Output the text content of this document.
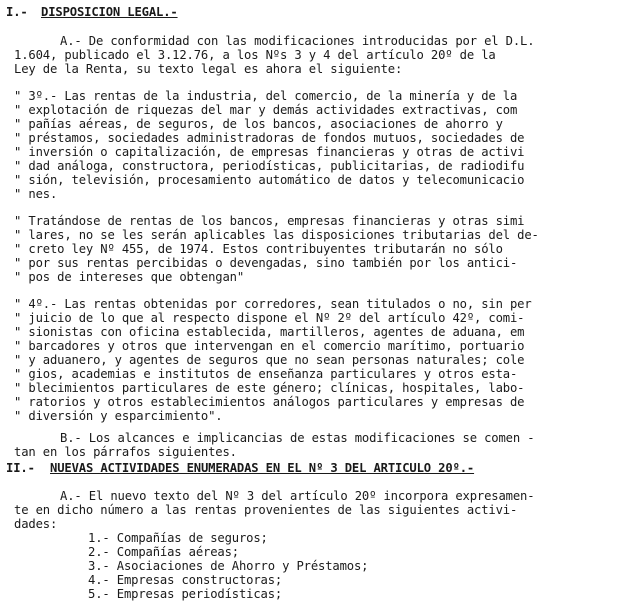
I.- DISPOSICION LEGAL.-
A.- De conformidad con las modificaciones introducidas por el D.L.
1.604, publicado el 3.12.76, a los Nºs 3 y 4 del artículo 20º de la
Ley de la Renta, su texto legal es ahora el siguiente:
" 3º.- Las rentas de la industria, del comercio, de la minería y de la
" explotación de riquezas del mar y demás actividades extractivas, com
" pañías aéreas, de seguros, de los bancos, asociaciones de ahorro y
" préstamos, sociedades administradoras de fondos mutuos, sociedades de
" inversión o capitalización, de empresas financieras y otras de activi
" dad análoga, constructora, periodísticas, publicitarias, de radiodifu
" sión, televisión, procesamiento automático de datos y telecomunicacio
" nes.
" Tratándose de rentas de los bancos, empresas financieras y otras simi
" lares, no se les serán aplicables las disposiciones tributarias del de-
" creto ley Nº 455, de 1974. Estos contribuyentes tributarán no sólo
" por sus rentas percibidas o devengadas, sino también por los antici-
" pos de intereses que obtengan"
" 4º.- Las rentas obtenidas por corredores, sean titulados o no, sin per
" juicio de lo que al respecto dispone el Nº 2º del artículo 42º, comi-
" sionistas con oficina establecida, martilleros, agentes de aduana, em
" barcadores y otros que intervengan en el comercio marítimo, portuario
" y aduanero, y agentes de seguros que no sean personas naturales; cole
" gios, academias e institutos de enseñanza particulares y otros esta-
" blecimientos particulares de este género; clínicas, hospitales, labo-
" ratorios y otros establecimientos análogos particulares y empresas de
" diversión y esparcimiento".
B.- Los alcances e implicancias de estas modificaciones se comen -
tan en los párrafos siguientes.
II.- NUEVAS ACTIVIDADES ENUMERADAS EN EL Nº 3 DEL ARTICULO 20º.-
A.- El nuevo texto del Nº 3 del artículo 20º incorpora expresamen-
te en dicho número a las rentas provenientes de las siguientes activi-
dades:
1.- Compañías de seguros;
2.- Compañías aéreas;
3.- Asociaciones de Ahorro y Préstamos;
4.- Empresas constructoras;
5.- Empresas periodísticas;
